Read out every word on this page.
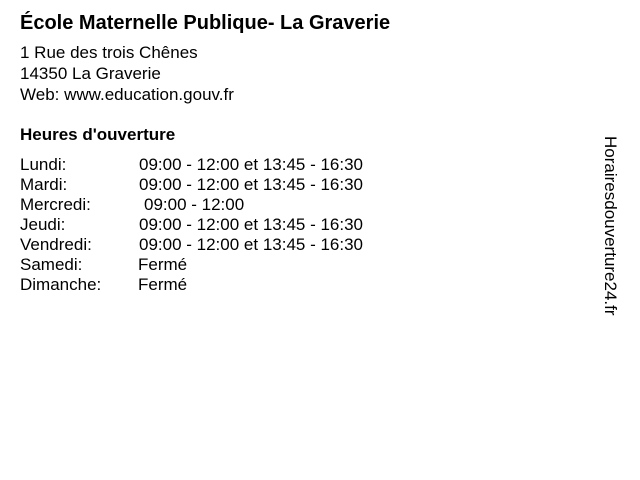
École Maternelle Publique- La Graverie
1 Rue des trois Chênes
14350 La Graverie
Web: www.education.gouv.fr
Heures d'ouverture
Lundi:	09:00 - 12:00 et 13:45 - 16:30
Mardi:	09:00 - 12:00 et 13:45 - 16:30
Mercredi:	09:00 - 12:00
Jeudi:	09:00 - 12:00 et 13:45 - 16:30
Vendredi:	09:00 - 12:00 et 13:45 - 16:30
Samedi:	Fermé
Dimanche:	Fermé	Horairesdouverture24.fr
